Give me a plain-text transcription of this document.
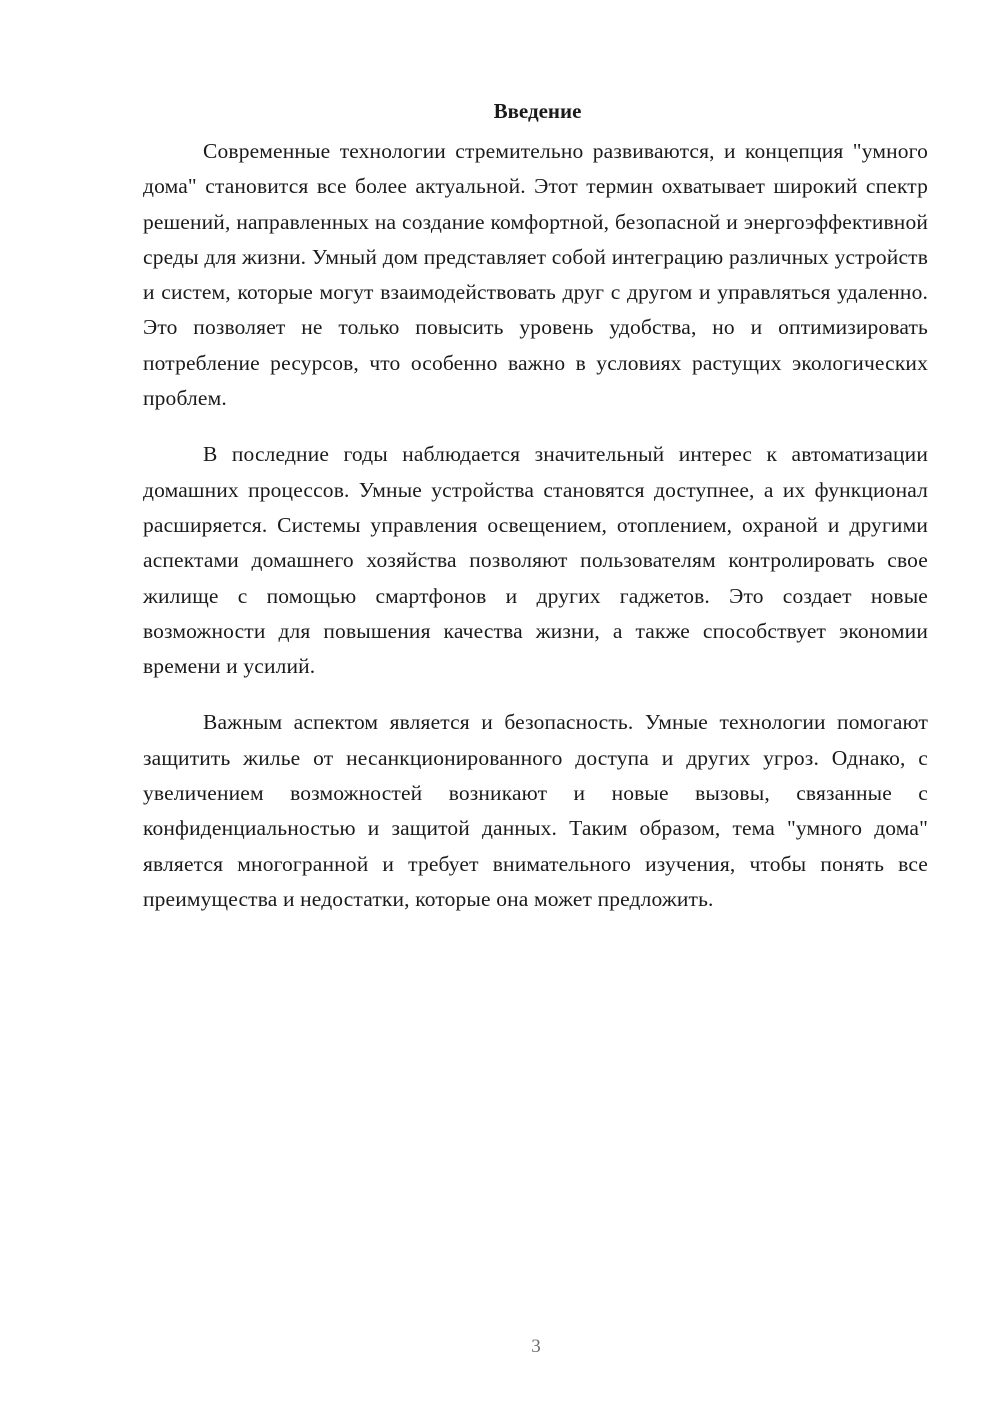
Введение

Современные технологии стремительно развиваются, и концепция "умного дома" становится все более актуальной. Этот термин охватывает широкий спектр решений, направленных на создание комфортной, безопасной и энергоэффективной среды для жизни. Умный дом представляет собой интеграцию различных устройств и систем, которые могут взаимодействовать друг с другом и управляться удаленно. Это позволяет не только повысить уровень удобства, но и оптимизировать потребление ресурсов, что особенно важно в условиях растущих экологических проблем.

В последние годы наблюдается значительный интерес к автоматизации домашних процессов. Умные устройства становятся доступнее, а их функционал расширяется. Системы управления освещением, отоплением, охраной и другими аспектами домашнего хозяйства позволяют пользователям контролировать свое жилище с помощью смартфонов и других гаджетов. Это создает новые возможности для повышения качества жизни, а также способствует экономии времени и усилий.

Важным аспектом является и безопасность. Умные технологии помогают защитить жилье от несанкционированного доступа и других угроз. Однако, с увеличением возможностей возникают и новые вызовы, связанные с конфиденциальностью и защитой данных. Таким образом, тема "умного дома" является многогранной и требует внимательного изучения, чтобы понять все преимущества и недостатки, которые она может предложить.

3
